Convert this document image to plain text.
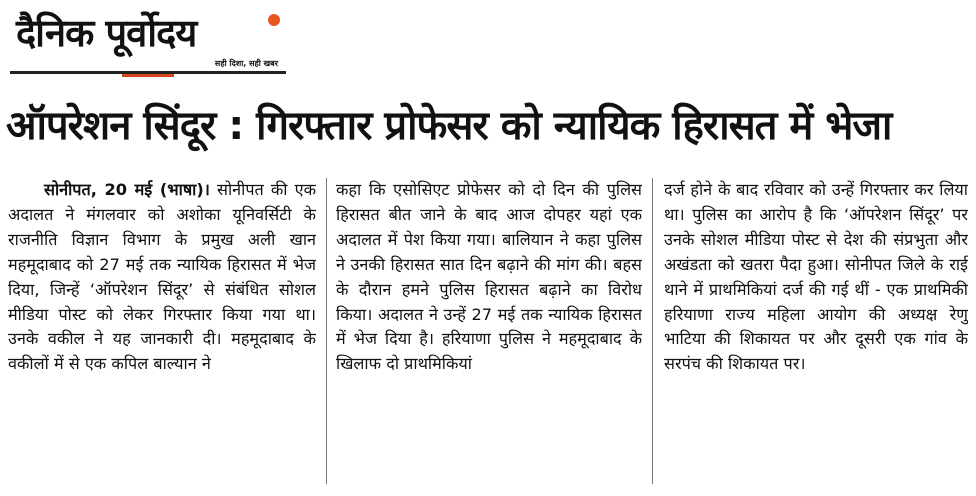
दैनिक पूर्वोदय
सही दिशा, सही खबर
ऑपरेशन सिंदूर : गिरफ्तार प्रोफेसर को न्यायिक हिरासत में भेजा

सोनीपत, 20 मई (भाषा)। सोनीपत की एक अदालत ने मंगलवार को अशोका यूनिवर्सिटी के राजनीति विज्ञान विभाग के प्रमुख अली खान महमूदाबाद को 27 मई तक न्यायिक हिरासत में भेज दिया, जिन्हें ‘ऑपरेशन सिंदूर’ से संबंधित सोशल मीडिया पोस्ट को लेकर गिरफ्तार किया गया था। उनके वकील ने यह जानकारी दी। महमूदाबाद के वकीलों में से एक कपिल बाल्यान ने

कहा कि एसोसिएट प्रोफेसर को दो दिन की पुलिस हिरासत बीत जाने के बाद आज दोपहर यहां एक अदालत में पेश किया गया। बालियान ने कहा पुलिस ने उनकी हिरासत सात दिन बढ़ाने की मांग की। बहस के दौरान हमने पुलिस हिरासत बढ़ाने का विरोध किया। अदालत ने उन्हें 27 मई तक न्यायिक हिरासत में भेज दिया है। हरियाणा पुलिस ने महमूदाबाद के खिलाफ दो प्राथमिकियां

दर्ज होने के बाद रविवार को उन्हें गिरफ्तार कर लिया था। पुलिस का आरोप है कि ‘ऑपरेशन सिंदूर’ पर उनके सोशल मीडिया पोस्ट से देश की संप्रभुता और अखंडता को खतरा पैदा हुआ। सोनीपत जिले के राई थाने में प्राथमिकियां दर्ज की गई थीं - एक प्राथमिकी हरियाणा राज्य महिला आयोग की अध्यक्ष रेणु भाटिया की शिकायत पर और दूसरी एक गांव के सरपंच की शिकायत पर।
